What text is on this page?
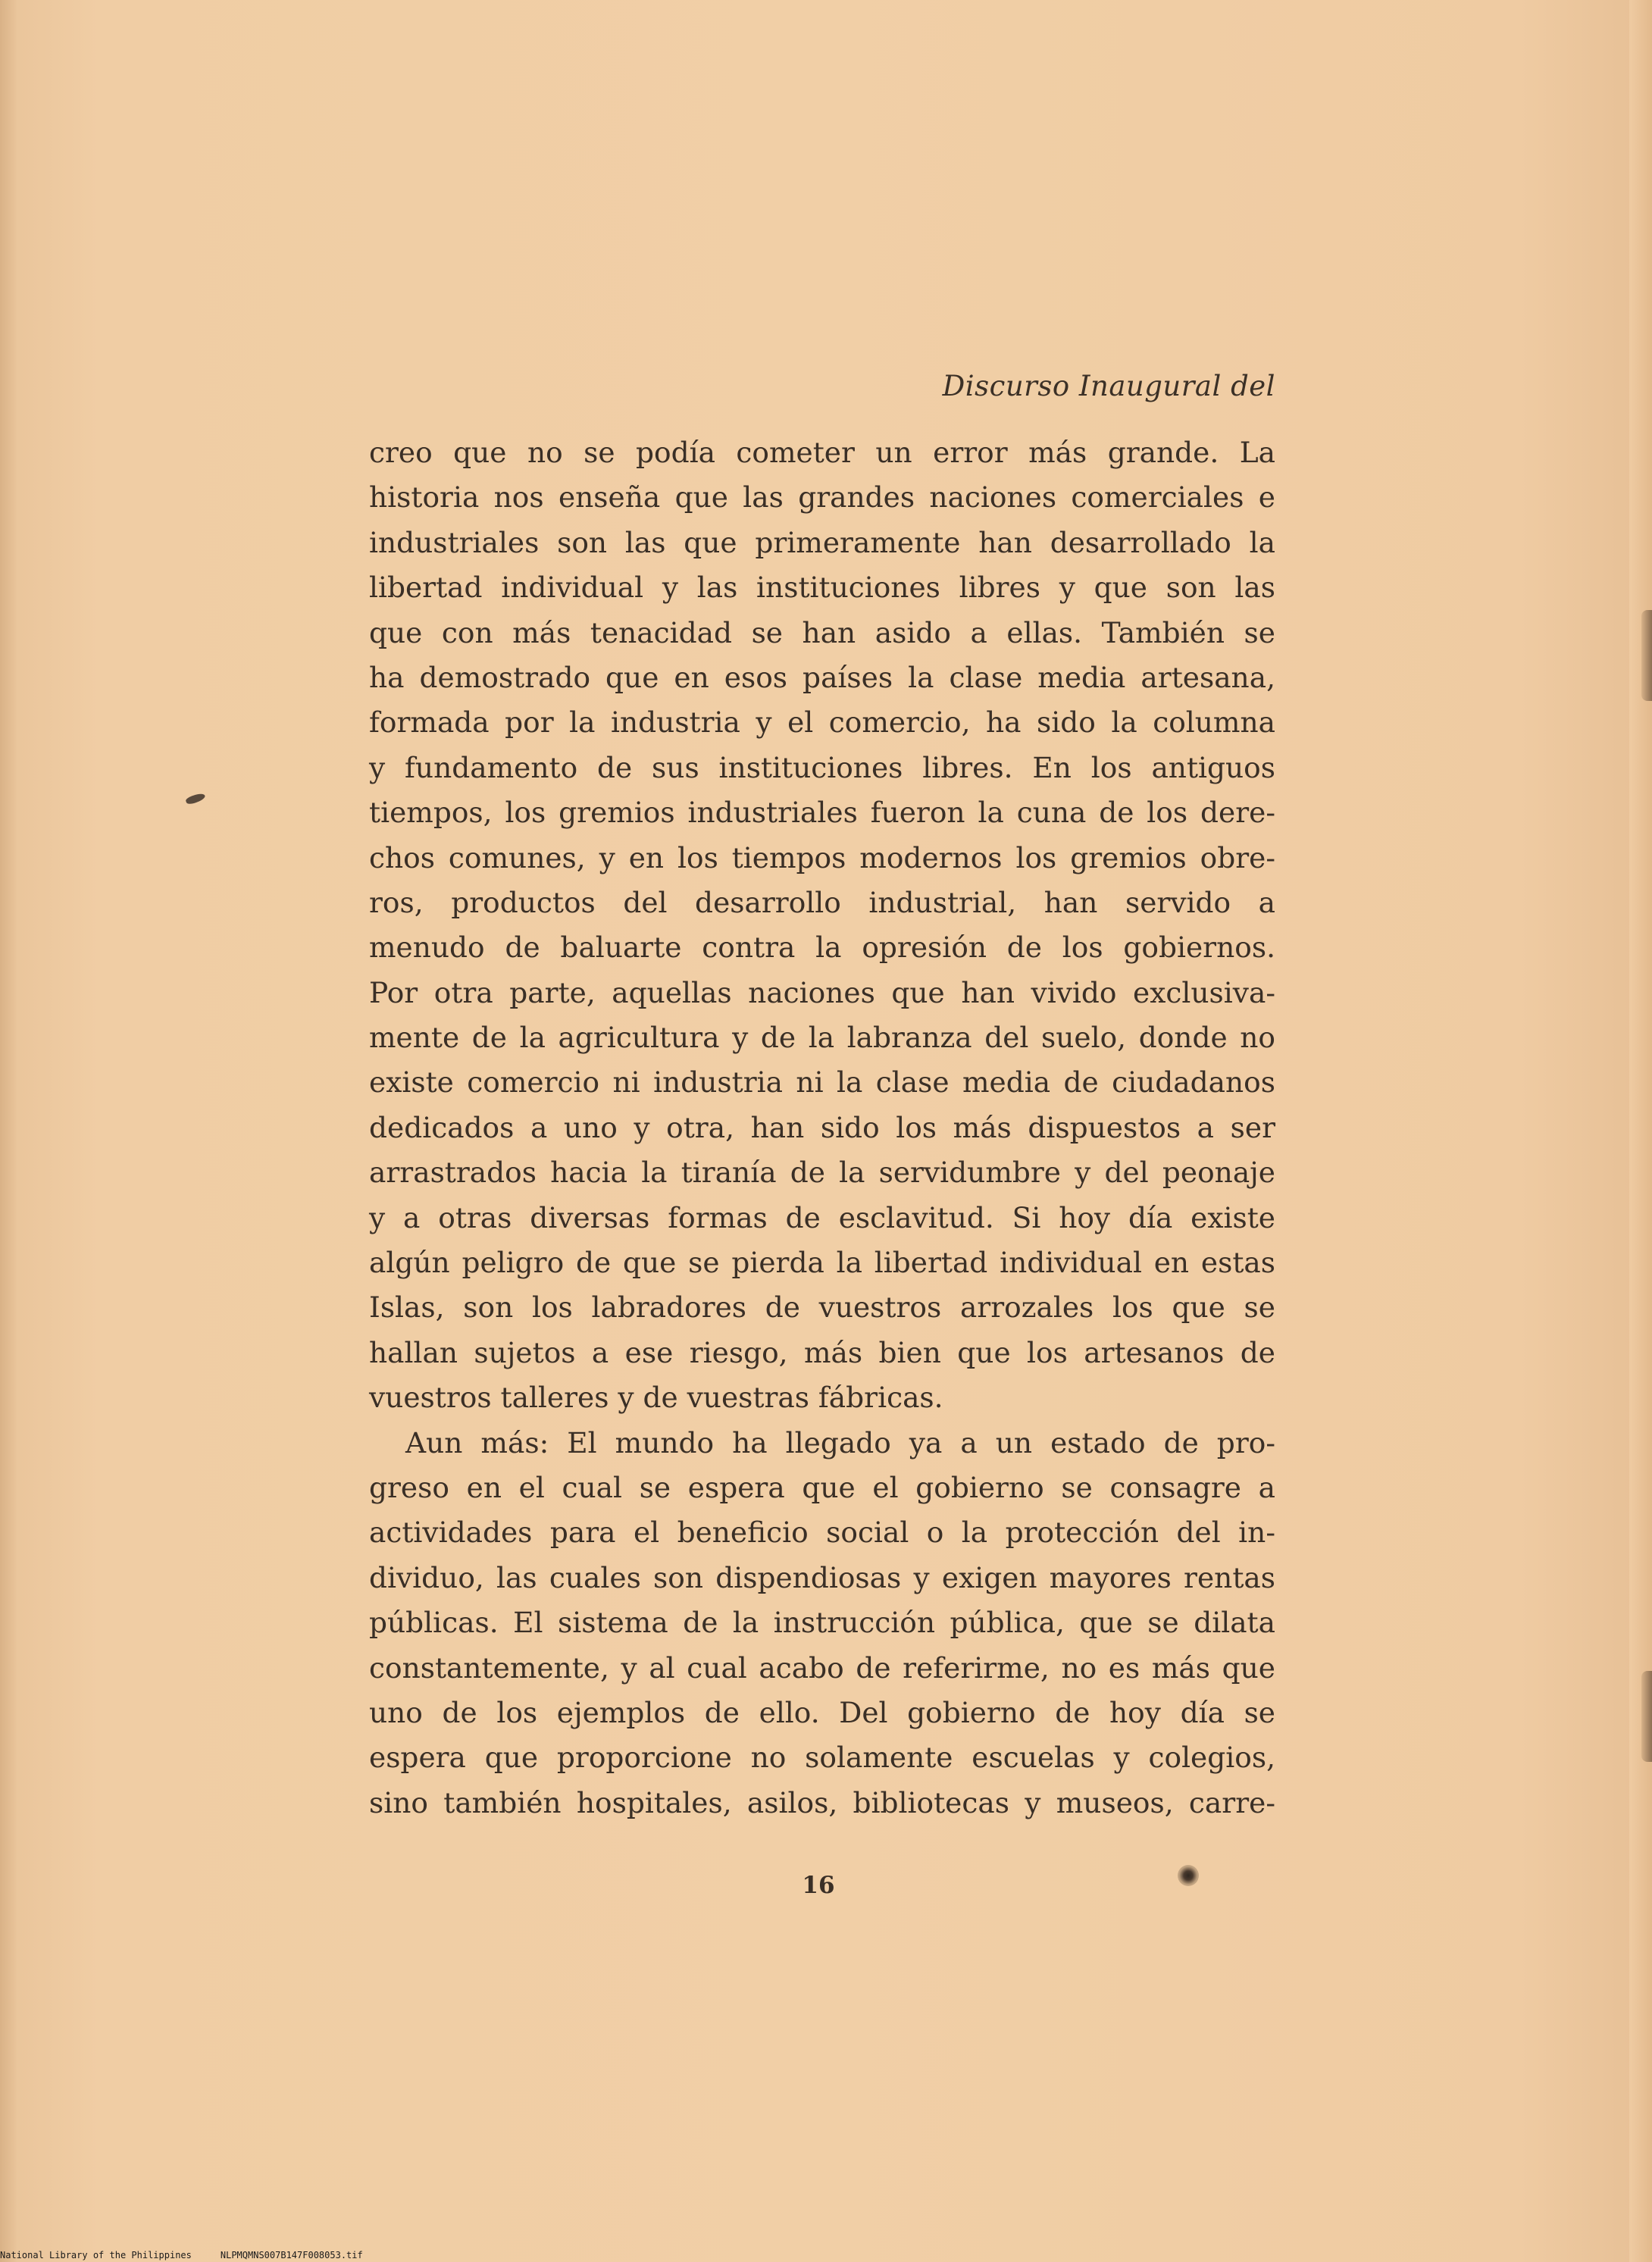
Discurso Inaugural del
creo que no se podía cometer un error más grande. La
historia nos enseña que las grandes naciones comerciales e
industriales son las que primeramente han desarrollado la
libertad individual y las instituciones libres y que son las
que con más tenacidad se han asido a ellas. También se
ha demostrado que en esos países la clase media artesana,
formada por la industria y el comercio, ha sido la columna
y fundamento de sus instituciones libres. En los antiguos
tiempos, los gremios industriales fueron la cuna de los dere-
chos comunes, y en los tiempos modernos los gremios obre-
ros, productos del desarrollo industrial, han servido a
menudo de baluarte contra la opresión de los gobiernos.
Por otra parte, aquellas naciones que han vivido exclusiva-
mente de la agricultura y de la labranza del suelo, donde no
existe comercio ni industria ni la clase media de ciudadanos
dedicados a uno y otra, han sido los más dispuestos a ser
arrastrados hacia la tiranía de la servidumbre y del peonaje
y a otras diversas formas de esclavitud. Si hoy día existe
algún peligro de que se pierda la libertad individual en estas
Islas, son los labradores de vuestros arrozales los que se
hallan sujetos a ese riesgo, más bien que los artesanos de
vuestros talleres y de vuestras fábricas.
Aun más: El mundo ha llegado ya a un estado de pro-
greso en el cual se espera que el gobierno se consagre a
actividades para el beneficio social o la protección del in-
dividuo, las cuales son dispendiosas y exigen mayores rentas
públicas. El sistema de la instrucción pública, que se dilata
constantemente, y al cual acabo de referirme, no es más que
uno de los ejemplos de ello. Del gobierno de hoy día se
espera que proporcione no solamente escuelas y colegios,
sino también hospitales, asilos, bibliotecas y museos, carre-
16
National Library of the Philippines	NLPMQMNS007B147F008053.tif
